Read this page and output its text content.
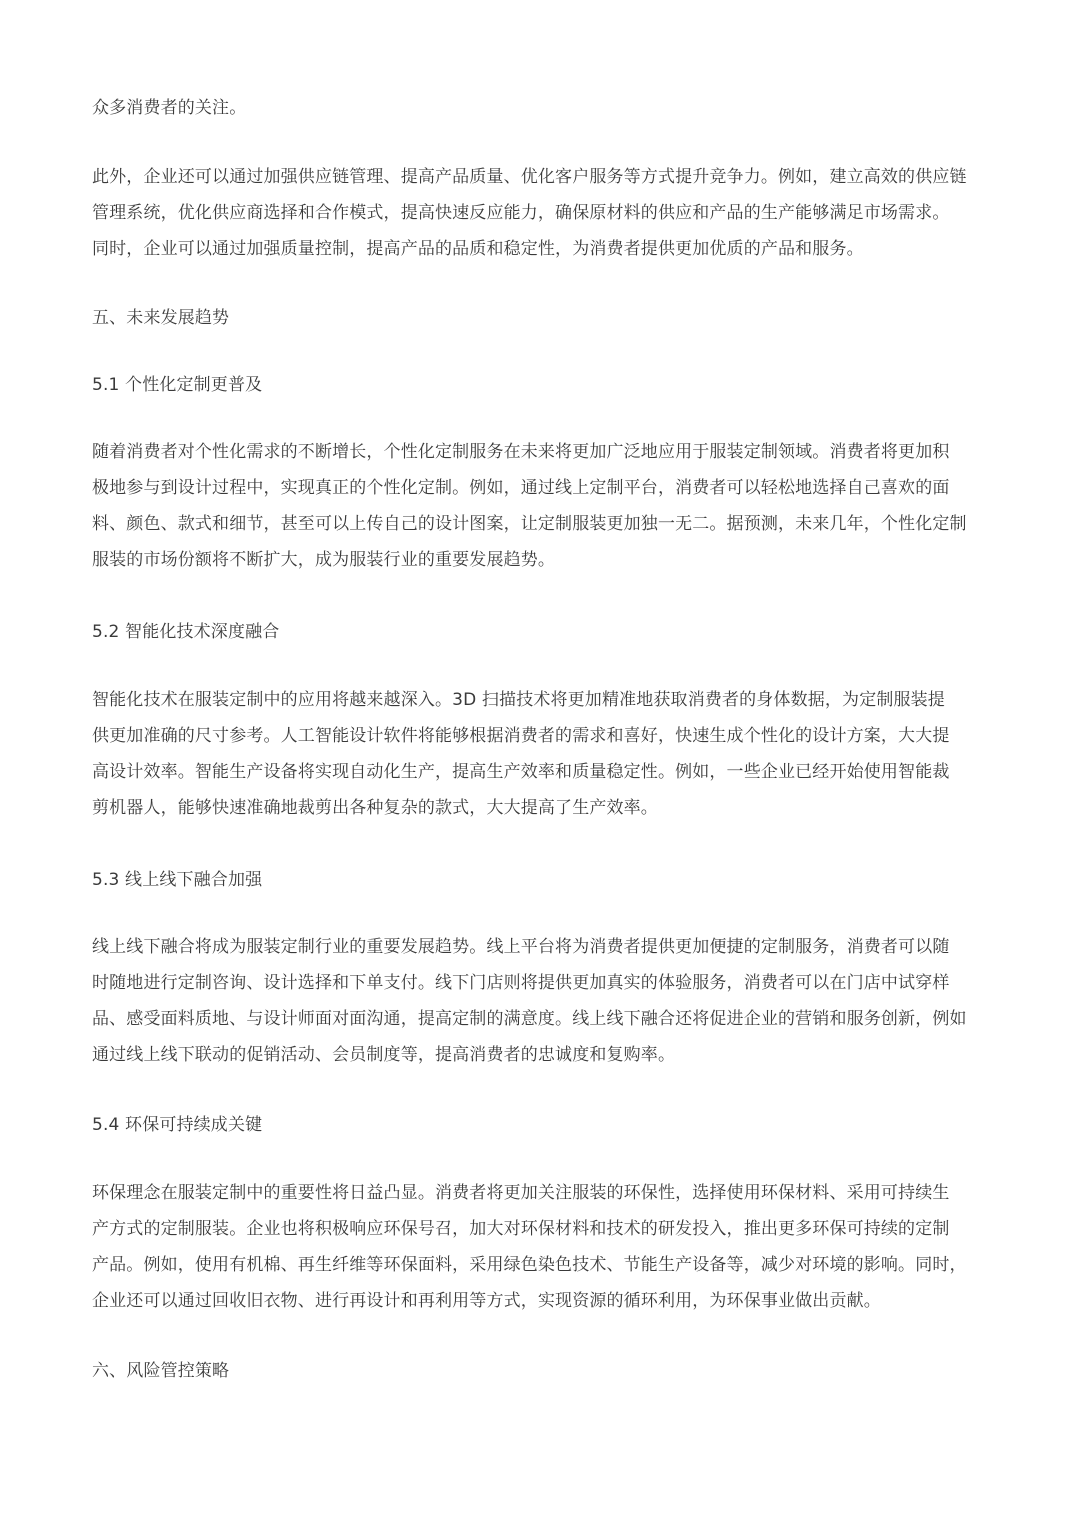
众多消费者的关注。

此外，企业还可以通过加强供应链管理、提高产品质量、优化客户服务等方式提升竞争力。例如，建立高效的供应链
管理系统，优化供应商选择和合作模式，提高快速反应能力，确保原材料的供应和产品的生产能够满足市场需求。
同时，企业可以通过加强质量控制，提高产品的品质和稳定性，为消费者提供更加优质的产品和服务。

五、未来发展趋势

5.1 个性化定制更普及

随着消费者对个性化需求的不断增长，个性化定制服务在未来将更加广泛地应用于服装定制领域。消费者将更加积
极地参与到设计过程中，实现真正的个性化定制。例如，通过线上定制平台，消费者可以轻松地选择自己喜欢的面
料、颜色、款式和细节，甚至可以上传自己的设计图案，让定制服装更加独一无二。据预测，未来几年，个性化定制
服装的市场份额将不断扩大，成为服装行业的重要发展趋势。

5.2 智能化技术深度融合

智能化技术在服装定制中的应用将越来越深入。3D 扫描技术将更加精准地获取消费者的身体数据，为定制服装提
供更加准确的尺寸参考。人工智能设计软件将能够根据消费者的需求和喜好，快速生成个性化的设计方案，大大提
高设计效率。智能生产设备将实现自动化生产，提高生产效率和质量稳定性。例如，一些企业已经开始使用智能裁
剪机器人，能够快速准确地裁剪出各种复杂的款式，大大提高了生产效率。

5.3 线上线下融合加强

线上线下融合将成为服装定制行业的重要发展趋势。线上平台将为消费者提供更加便捷的定制服务，消费者可以随
时随地进行定制咨询、设计选择和下单支付。线下门店则将提供更加真实的体验服务，消费者可以在门店中试穿样
品、感受面料质地、与设计师面对面沟通，提高定制的满意度。线上线下融合还将促进企业的营销和服务创新，例如
通过线上线下联动的促销活动、会员制度等，提高消费者的忠诚度和复购率。

5.4 环保可持续成关键

环保理念在服装定制中的重要性将日益凸显。消费者将更加关注服装的环保性，选择使用环保材料、采用可持续生
产方式的定制服装。企业也将积极响应环保号召，加大对环保材料和技术的研发投入，推出更多环保可持续的定制
产品。例如，使用有机棉、再生纤维等环保面料，采用绿色染色技术、节能生产设备等，减少对环境的影响。同时，
企业还可以通过回收旧衣物、进行再设计和再利用等方式，实现资源的循环利用，为环保事业做出贡献。

六、风险管控策略
